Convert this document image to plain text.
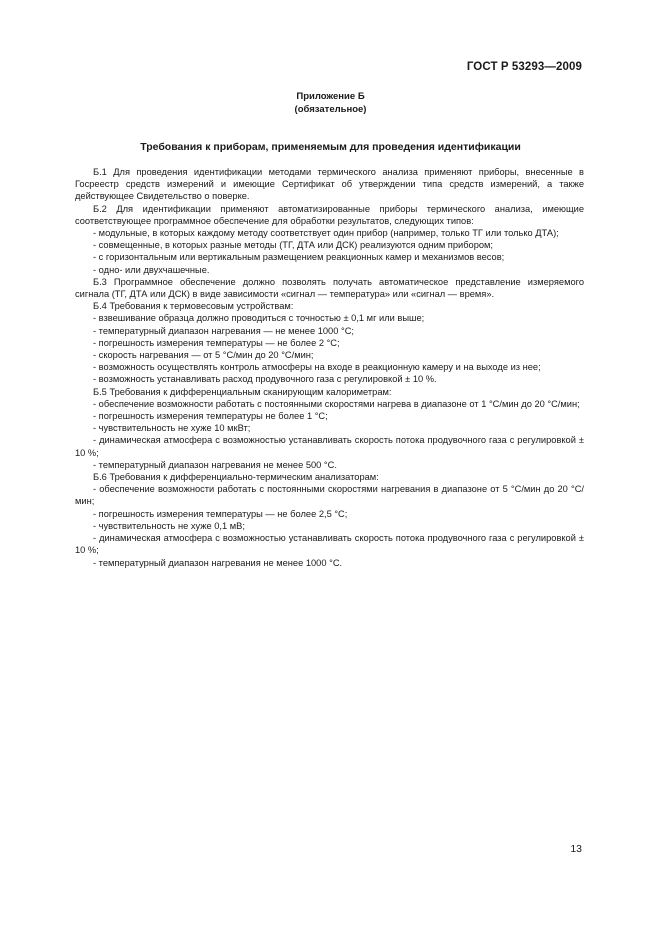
ГОСТ Р 53293—2009
Приложение Б
(обязательное)
Требования к приборам, применяемым для проведения идентификации

Б.1 Для проведения идентификации методами термического анализа применяют приборы, внесенные в Госреестр средств измерений и имеющие Сертификат об утверждении типа средств измерений, а также действующее Свидетельство о поверке.

Б.2 Для идентификации применяют автоматизированные приборы термического анализа, имеющие соответствующее программное обеспечение для обработки результатов, следующих типов:

- модульные, в которых каждому методу соответствует один прибор (например, только ТГ или только ДТА);

- совмещенные, в которых разные методы (ТГ, ДТА или ДСК) реализуются одним прибором;

- с горизонтальным или вертикальным размещением реакционных камер и механизмов весов;

- одно- или двухчашечные.

Б.3 Программное обеспечение должно позволять получать автоматическое представление измеряемого сигнала (ТГ, ДТА или ДСК) в виде зависимости «сигнал — температура» или «сигнал — время».

Б.4 Требования к термовесовым устройствам:

- взвешивание образца должно проводиться с точностью ± 0,1 мг или выше;

- температурный диапазон нагревания — не менее 1000 °С;

- погрешность измерения температуры — не более 2 °С;

- скорость нагревания — от 5 °С/мин до 20 °С/мин;

- возможность осуществлять контроль атмосферы на входе в реакционную камеру и на выходе из нее;

- возможность устанавливать расход продувочного газа с регулировкой ± 10 %.

Б.5 Требования к дифференциальным сканирующим калориметрам:

- обеспечение возможности работать с постоянными скоростями нагрева в диапазоне от 1 °С/мин до 20 °С/мин;

- погрешность измерения температуры не более 1 °С;

- чувствительность не хуже 10 мкВт;

- динамическая атмосфера с возможностью устанавливать скорость потока продувочного газа с регулировкой ± 10 %;

- температурный диапазон нагревания не менее 500 °С.

Б.6 Требования к дифференциально-термическим анализаторам:

- обеспечение возможности работать с постоянными скоростями нагревания в диапазоне от 5 °С/мин до 20 °С/мин;

- погрешность измерения температуры — не более 2,5 °С;

- чувствительность не хуже 0,1 мВ;

- динамическая атмосфера с возможностью устанавливать скорость потока продувочного газа с регулировкой ± 10 %;

- температурный диапазон нагревания не менее 1000 °С.

13
